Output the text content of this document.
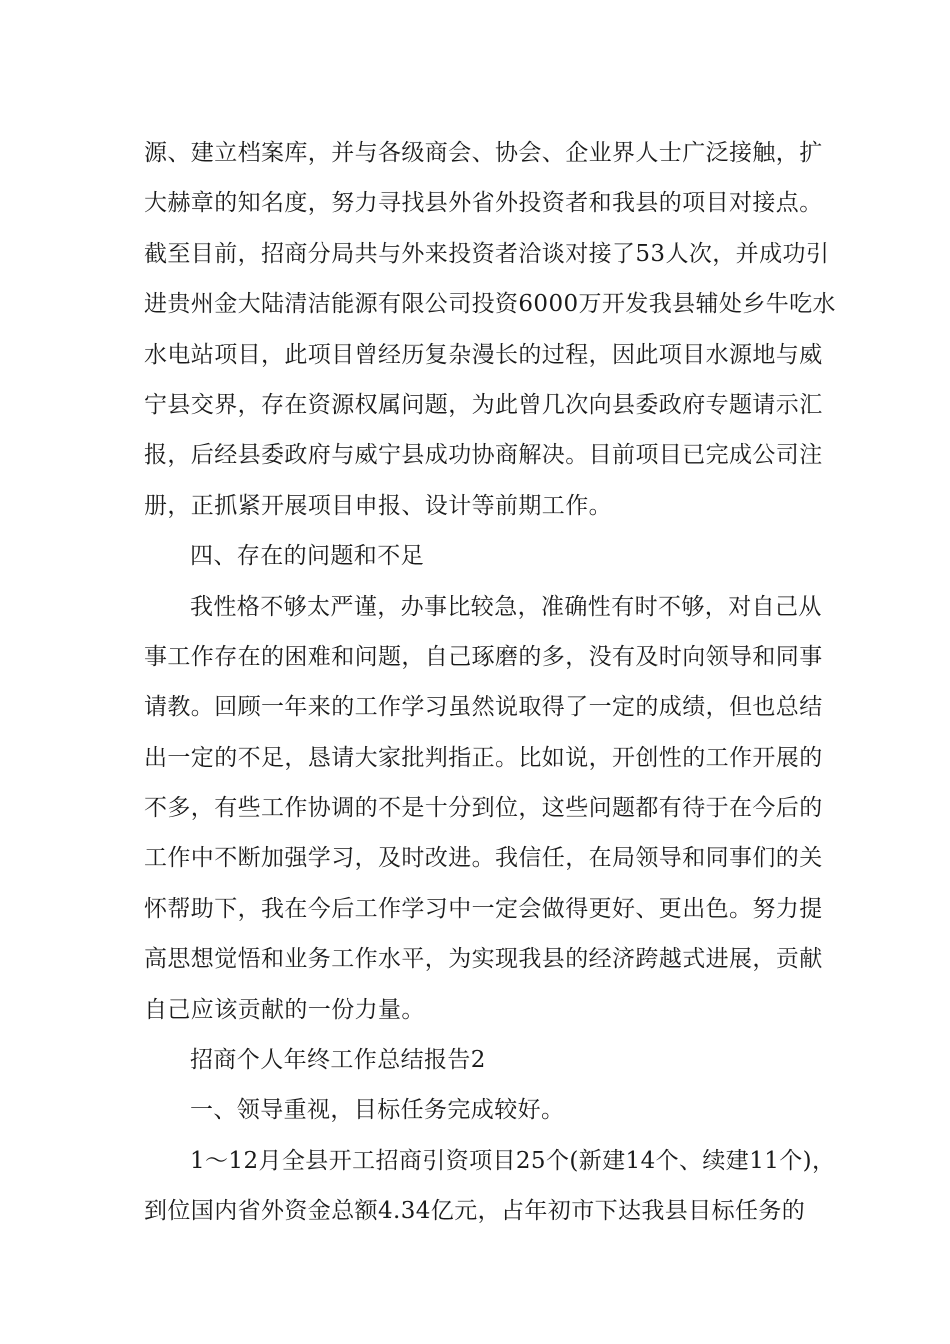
源、建立档案库，并与各级商会、协会、企业界人士广泛接触，扩
大赫章的知名度，努力寻找县外省外投资者和我县的项目对接点。
截至目前，招商分局共与外来投资者洽谈对接了53人次，并成功引
进贵州金大陆清洁能源有限公司投资6000万开发我县辅处乡牛吃水
水电站项目，此项目曾经历复杂漫长的过程，因此项目水源地与威
宁县交界，存在资源权属问题，为此曾几次向县委政府专题请示汇
报，后经县委政府与威宁县成功协商解决。目前项目已完成公司注
册，正抓紧开展项目申报、设计等前期工作。
四、存在的问题和不足
我性格不够太严谨，办事比较急，准确性有时不够，对自己从
事工作存在的困难和问题，自己琢磨的多，没有及时向领导和同事
请教。回顾一年来的工作学习虽然说取得了一定的成绩，但也总结
出一定的不足，恳请大家批判指正。比如说，开创性的工作开展的
不多，有些工作协调的不是十分到位，这些问题都有待于在今后的
工作中不断加强学习，及时改进。我信任，在局领导和同事们的关
怀帮助下，我在今后工作学习中一定会做得更好、更出色。努力提
高思想觉悟和业务工作水平，为实现我县的经济跨越式进展，贡献
自己应该贡献的一份力量。
招商个人年终工作总结报告2
一、领导重视，目标任务完成较好。
1～12月全县开工招商引资项目25个(新建14个、续建11个)，
到位国内省外资金总额4.34亿元，占年初市下达我县目标任务的
